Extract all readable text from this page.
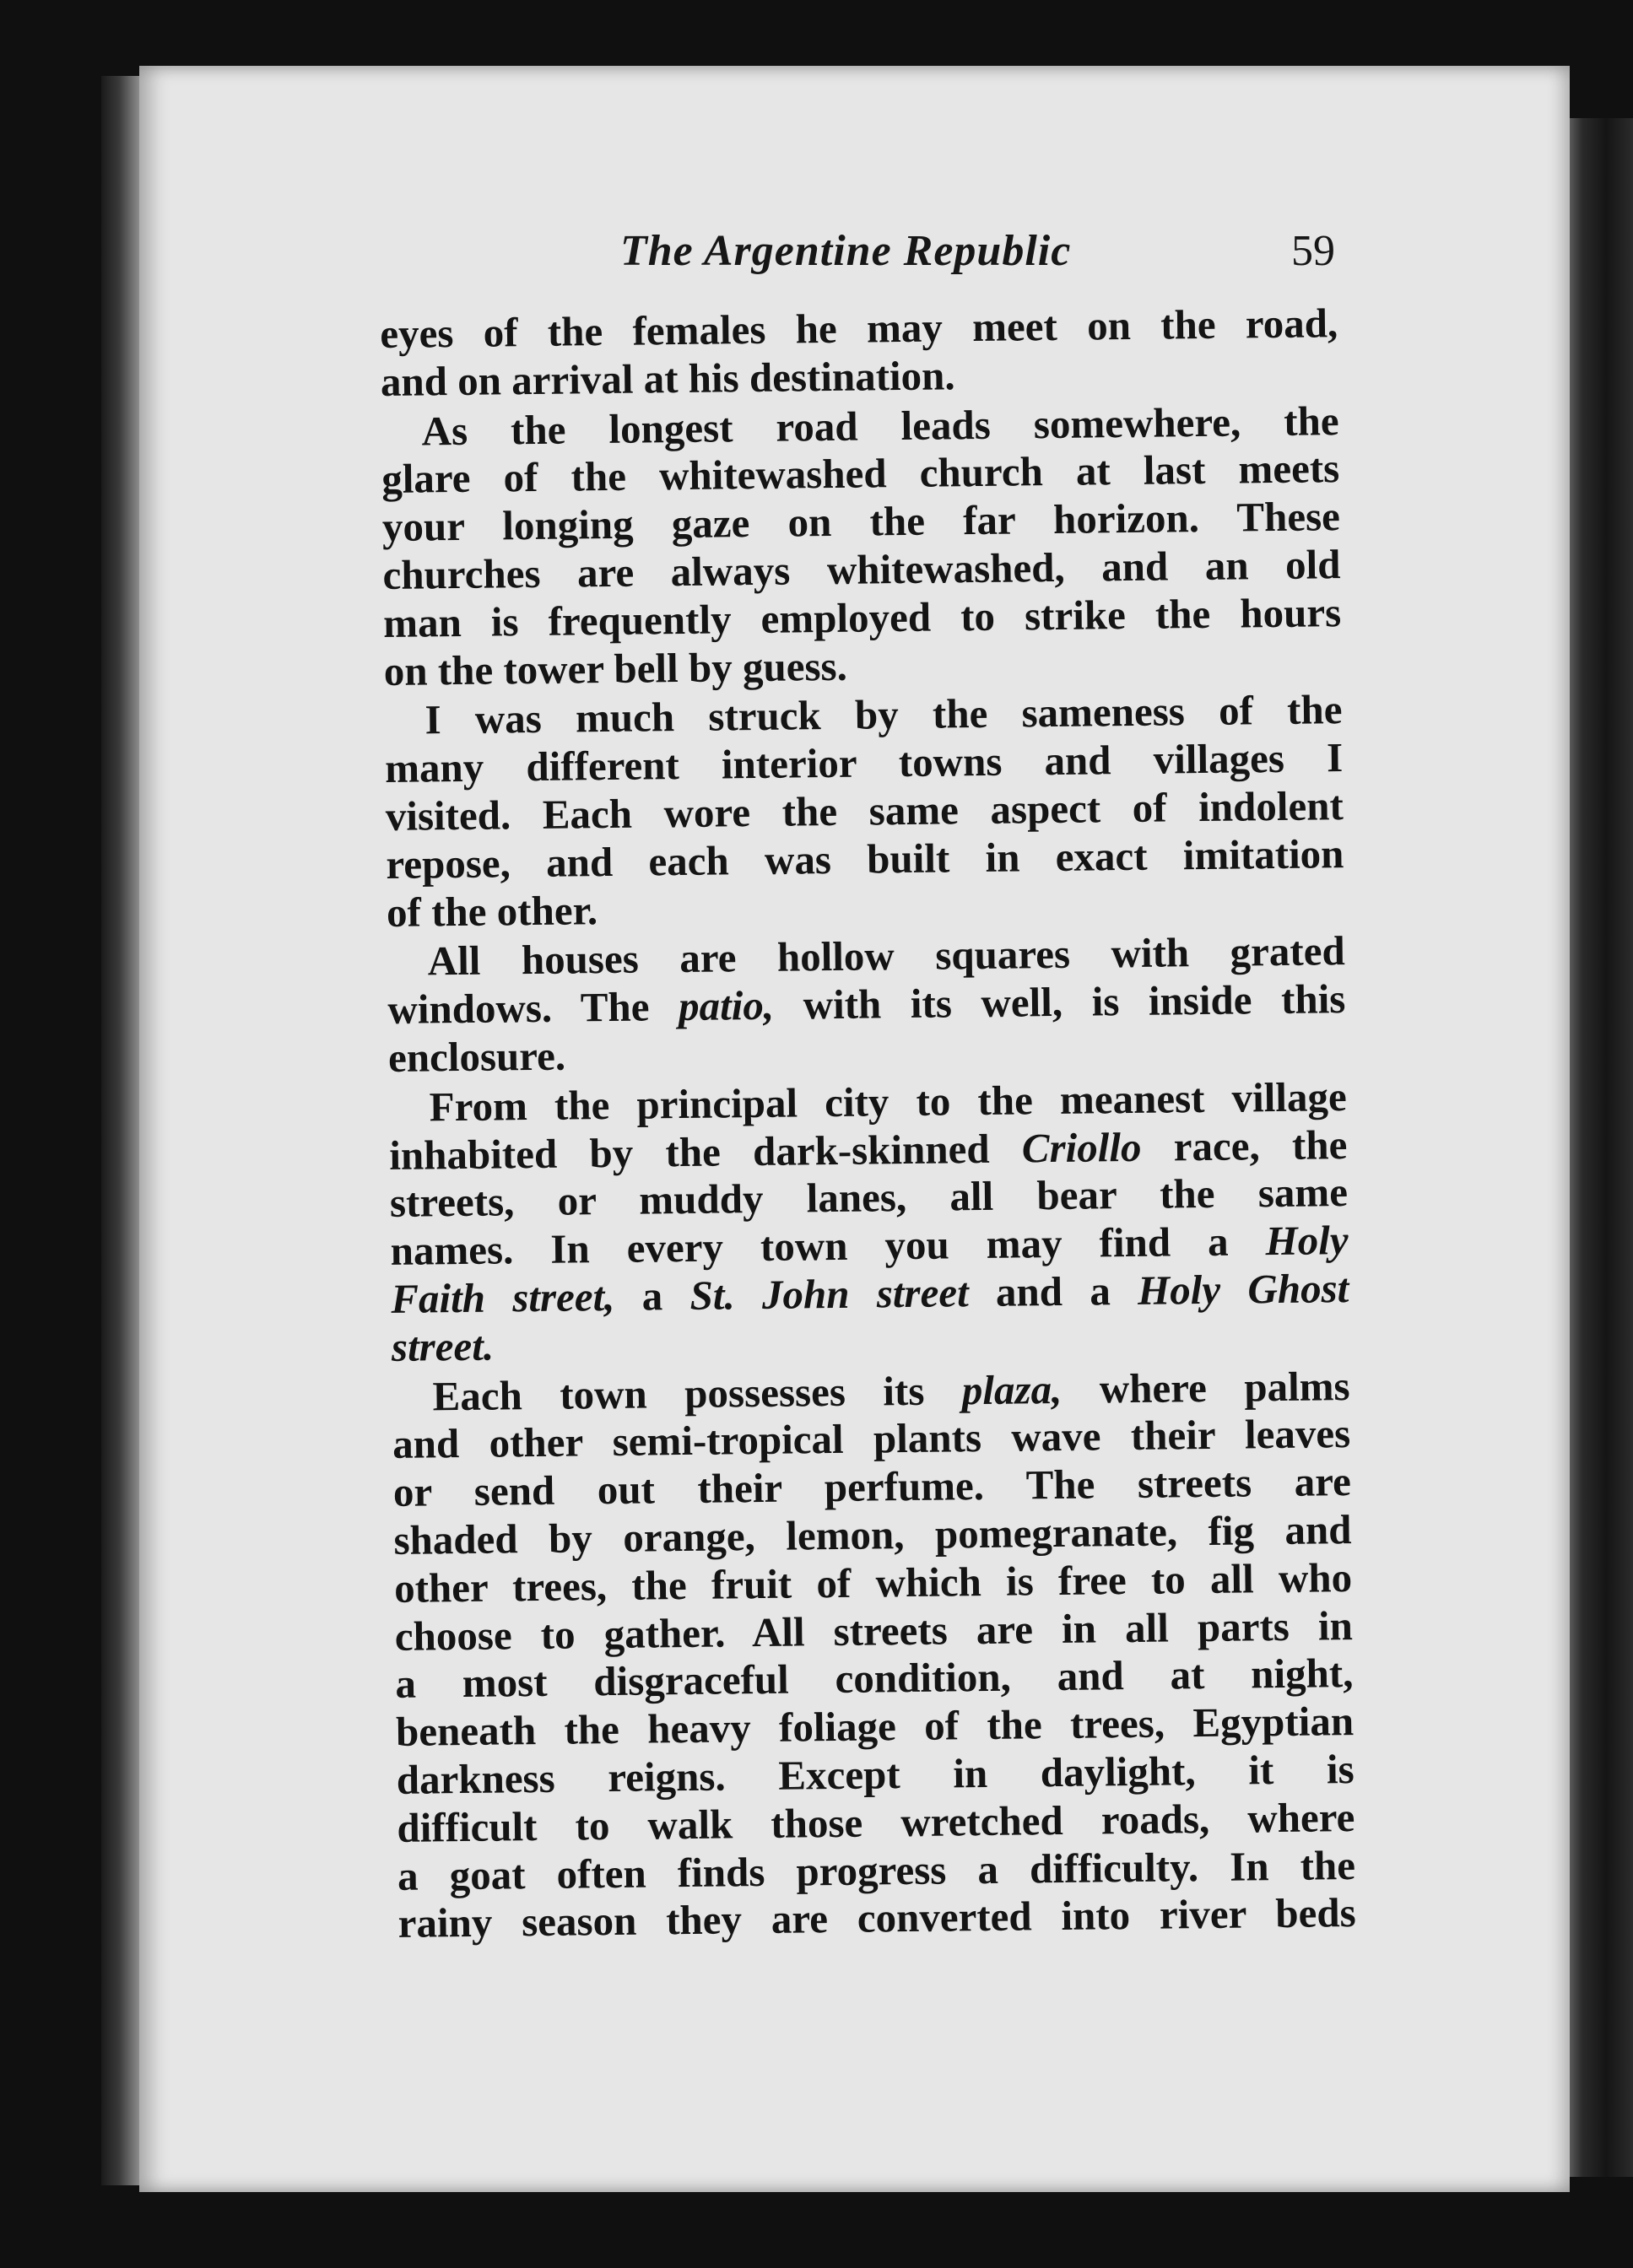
The Argentine Republic	59
eyes of the females he may meet on the road,
and on arrival at his destination.
As the longest road leads somewhere, the
glare of the whitewashed church at last meets
your longing gaze on the far horizon. These
churches are always whitewashed, and an old
man is frequently employed to strike the hours
on the tower bell by guess.
I was much struck by the sameness of the
many different interior towns and villages I
visited. Each wore the same aspect of indolent
repose, and each was built in exact imitation
of the other.
All houses are hollow squares with grated
windows. The patio, with its well, is inside this
enclosure.
From the principal city to the meanest village
inhabited by the dark-skinned Criollo race, the
streets, or muddy lanes, all bear the same
names. In every town you may find a Holy
Faith street, a St. John street and a Holy Ghost
street.
Each town possesses its plaza, where palms
and other semi-tropical plants wave their leaves
or send out their perfume. The streets are
shaded by orange, lemon, pomegranate, fig and
other trees, the fruit of which is free to all who
choose to gather. All streets are in all parts in
a most disgraceful condition, and at night,
beneath the heavy foliage of the trees, Egyptian
darkness reigns. Except in daylight, it is
difficult to walk those wretched roads, where
a goat often finds progress a difficulty. In the
rainy season they are converted into river beds
